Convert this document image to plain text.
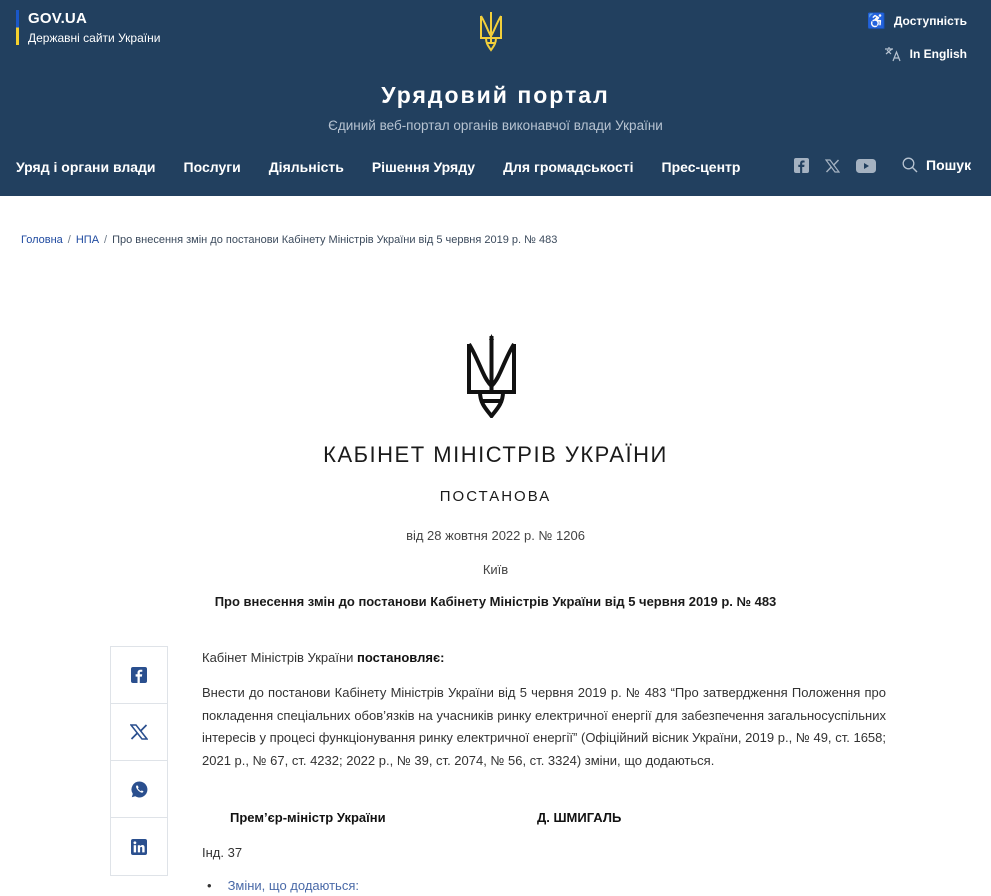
GOV.UA
Державні сайти України
♿ Доступність
In English
Урядовий портал
Єдиний веб-портал органів виконавчої влади України
Уряд і органи влади Послуги Діяльність Рішення Уряду Для громадськості Прес-центр	Пошук
Головна / НПА / Про внесення змін до постанови Кабінету Міністрів України від 5 червня 2019 р. № 483
КАБІНЕТ МІНІСТРІВ УКРАЇНИ
ПОСТАНОВА
від 28 жовтня 2022 р. № 1206
Київ
Про внесення змін до постанови Кабінету Міністрів України від 5 червня 2019 р. № 483
Кабінет Міністрів України постановляє:
Внести до постанови Кабінету Міністрів України від 5 червня 2019 р. № 483 “Про затвердження Положення про покладення спеціальних обов’язків на учасників ринку електричної енергії для забезпечення загальносуспільних інтересів у процесі функціонування ринку електричної енергії” (Офіційний вісник України, 2019 р., № 49, ст. 1658; 2021 р., № 67, ст. 4232; 2022 р., № 39, ст. 2074, № 56, ст. 3324) зміни, що додаються.
Прем’єр-міністр України	Д. ШМИГАЛЬ
Інд. 37
• Зміни, що додаються:
